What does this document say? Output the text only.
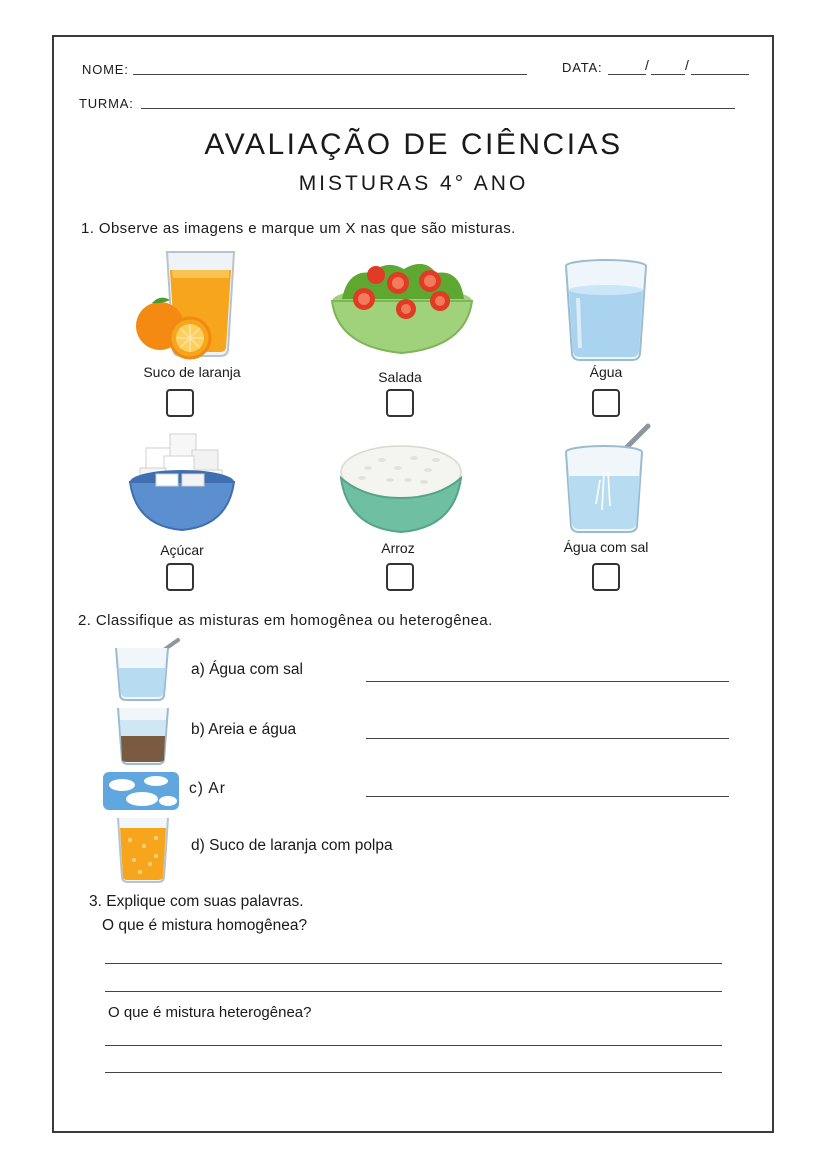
NOME:	DATA:	/	/
TURMA:
AVALIAÇÃO DE CIÊNCIAS
MISTURAS 4° ANO
1. Observe as imagens e marque um X nas que são misturas.
Suco de laranja	Salada	Água
Açúcar	Arroz	Água com sal
2. Classifique as misturas em homogênea ou heterogênea.
a) Água com sal
b) Areia e água
c) Ar
d) Suco de laranja com polpa
3. Explique com suas palavras.
O que é mistura homogênea?
O que é mistura heterogênea?
